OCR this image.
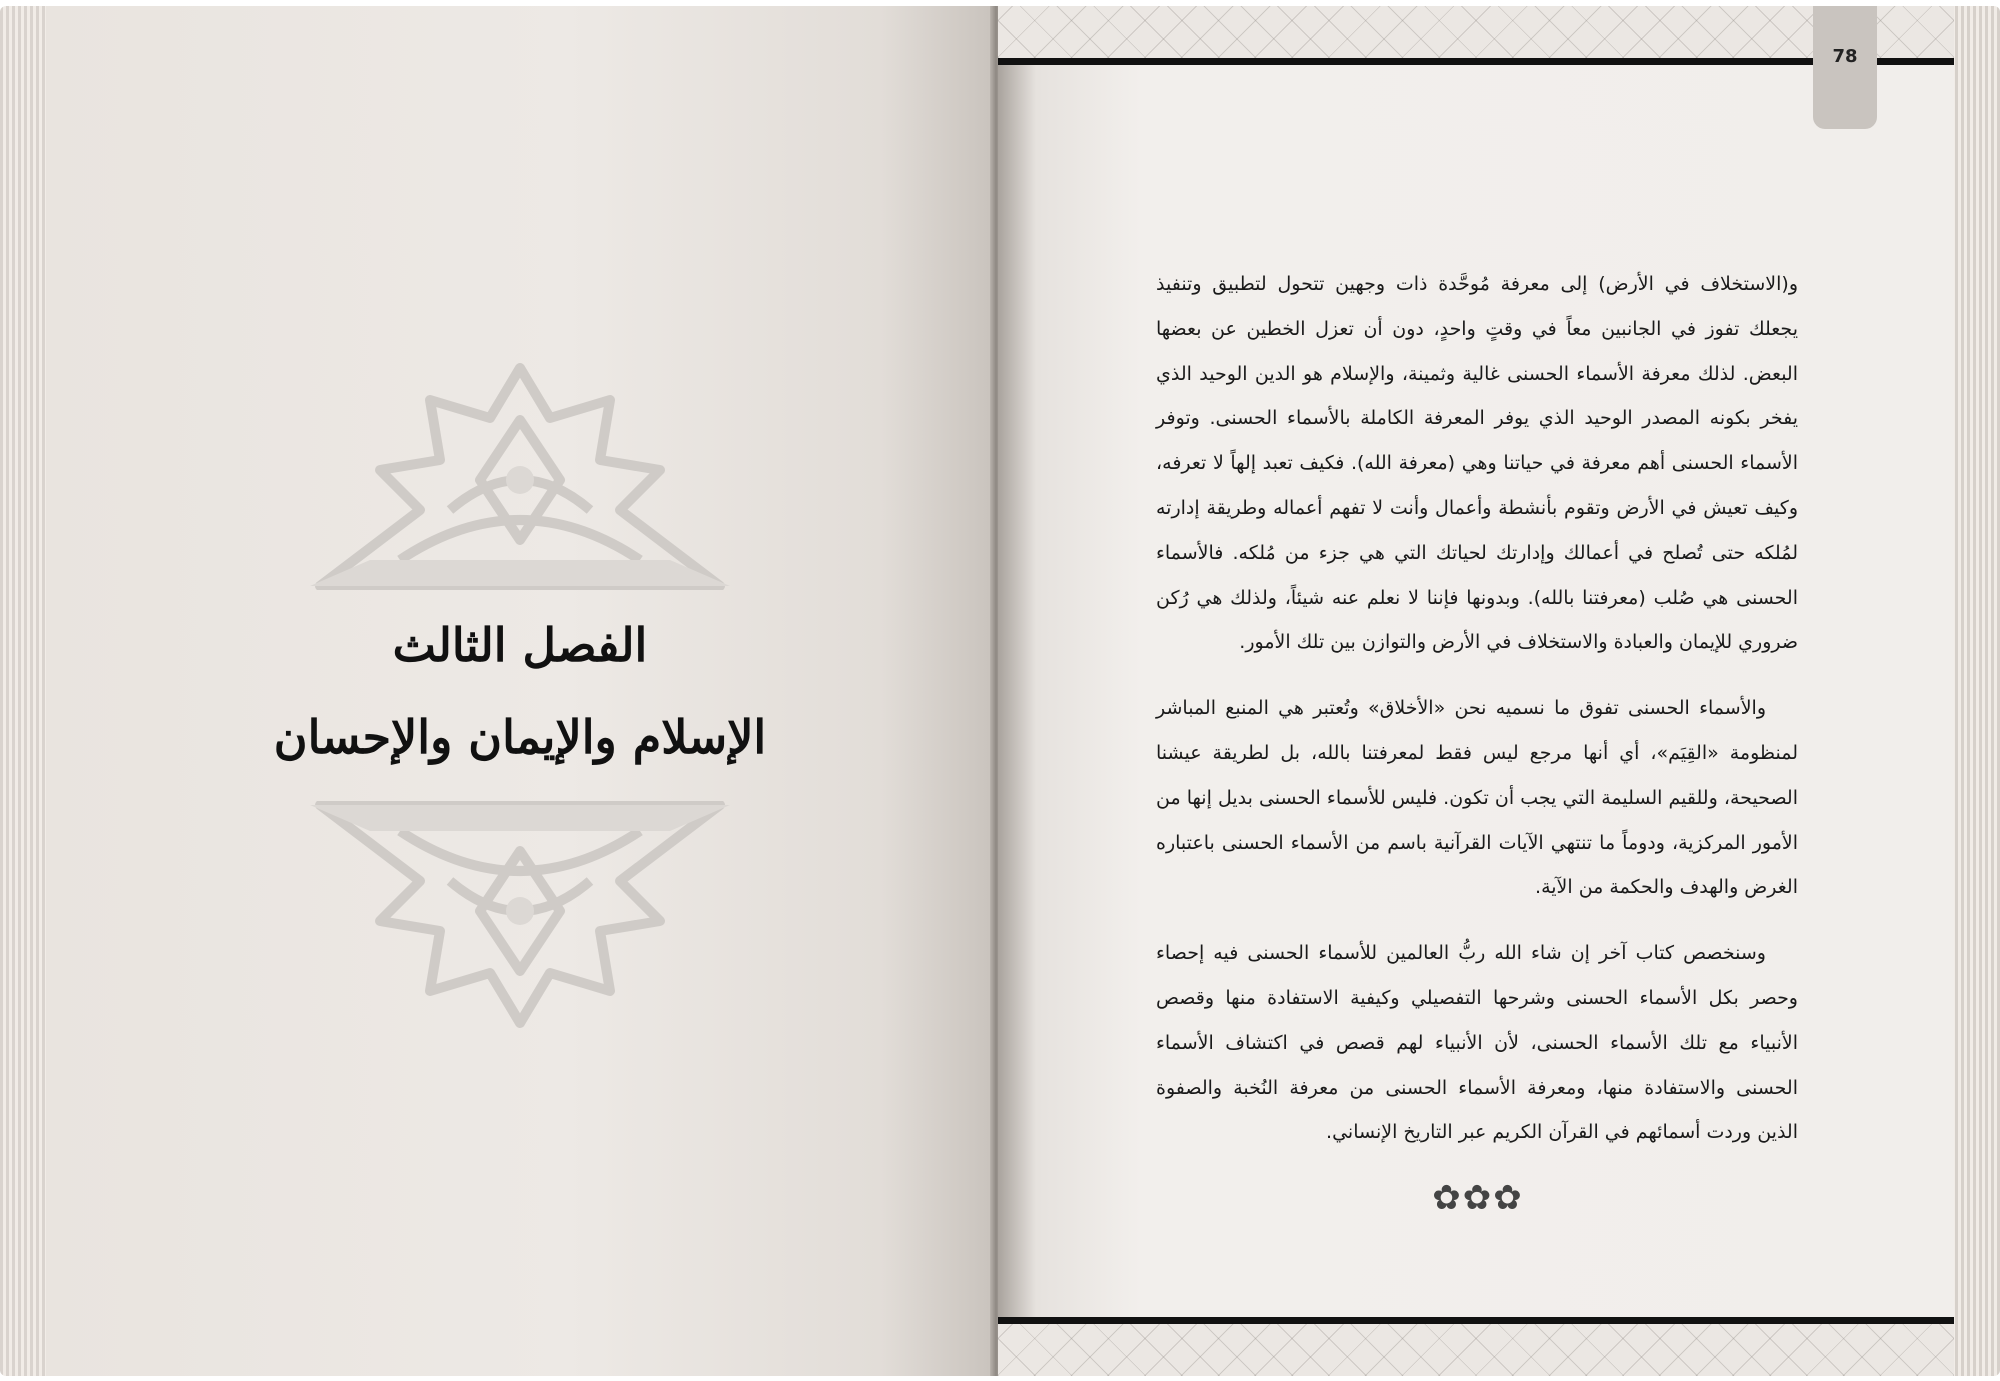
الفصل الثالث
الإسلام والإيمان والإحسان
78

و(الاستخلاف في الأرض) إلى معرفة مُوحَّدة ذات وجهين تتحول لتطبيق وتنفيذ يجعلك تفوز في الجانبين معاً في وقتٍ واحدٍ، دون أن تعزل الخطين عن بعضها البعض. لذلك معرفة الأسماء الحسنى غالية وثمينة، والإسلام هو الدين الوحيد الذي يفخر بكونه المصدر الوحيد الذي يوفر المعرفة الكاملة بالأسماء الحسنى. وتوفر الأسماء الحسنى أهم معرفة في حياتنا وهي (معرفة الله). فكيف تعبد إلهاً لا تعرفه، وكيف تعيش في الأرض وتقوم بأنشطة وأعمال وأنت لا تفهم أعماله وطريقة إدارته لمُلكه حتى تُصلح في أعمالك وإدارتك لحياتك التي هي جزء من مُلكه. فالأسماء الحسنى هي صُلب (معرفتنا بالله). وبدونها فإننا لا نعلم عنه شيئاً، ولذلك هي رُكن ضروري للإيمان والعبادة والاستخلاف في الأرض والتوازن بين تلك الأمور.

والأسماء الحسنى تفوق ما نسميه نحن «الأخلاق» وتُعتبر هي المنبع المباشر لمنظومة «القِيَم»، أي أنها مرجع ليس فقط لمعرفتنا بالله، بل لطريقة عيشنا الصحيحة، وللقيم السليمة التي يجب أن تكون. فليس للأسماء الحسنى بديل إنها من الأمور المركزية، ودوماً ما تنتهي الآيات القرآنية باسم من الأسماء الحسنى باعتباره الغرض والهدف والحكمة من الآية.

وسنخصص كتاب آخر إن شاء الله ربُّ العالمين للأسماء الحسنى فيه إحصاء وحصر بكل الأسماء الحسنى وشرحها التفصيلي وكيفية الاستفادة منها وقصص الأنبياء مع تلك الأسماء الحسنى، لأن الأنبياء لهم قصص في اكتشاف الأسماء الحسنى والاستفادة منها، ومعرفة الأسماء الحسنى من معرفة النُخبة والصفوة الذين وردت أسمائهم في القرآن الكريم عبر التاريخ الإنساني.

✿✿✿
